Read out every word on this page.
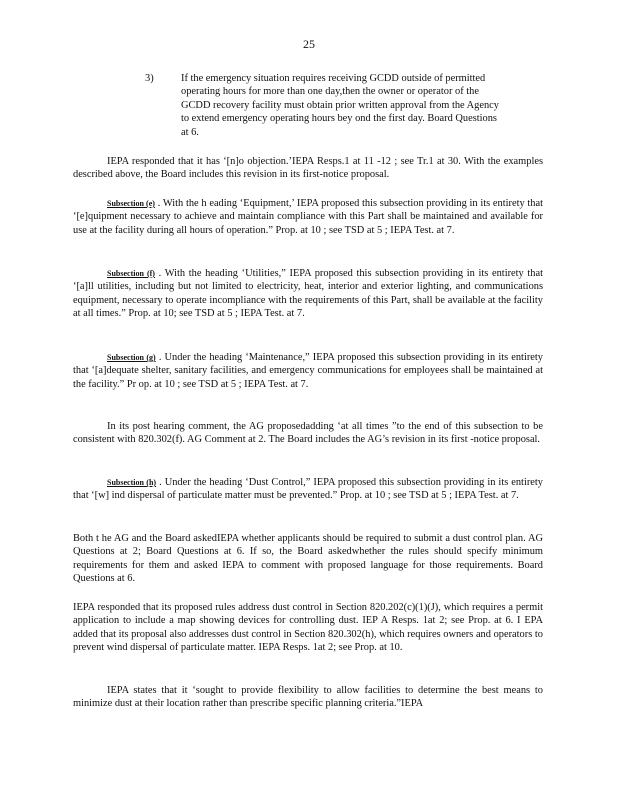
25
3)	If the emergency situation requires receiving GCDD outside of permitted operating hours for more than one day,then the owner or operator of the GCDD recovery facility must obtain prior written approval from the Agency to extend emergency operating hours bey ond the first day. Board Questions at 6.
IEPA responded that it has ‘[n]o objection.’IEPA Resps.1 at 11 -12 ; see Tr.1 at 30. With the examples described above, the Board includes this revision in its first-notice proposal.
Subsection (e) . With the h eading ‘Equipment,’ IEPA proposed this subsection providing in its entirety that ‘[e]quipment necessary to achieve and maintain compliance with this Part shall be maintained and available for use at the facility during all hours of operation.” Prop. at 10 ; see TSD at 5 ; IEPA Test. at 7.
Subsection (f) . With the heading ‘Utilities,” IEPA proposed this subsection providing in its entirety that ‘[a]ll utilities, including but not limited to electricity, heat, interior and exterior lighting, and communications equipment, necessary to operate incompliance with the requirements of this Part, shall be available at the facility at all times.” Prop. at 10; see TSD at 5 ; IEPA Test. at 7.
Subsection (g) . Under the heading ‘Maintenance,” IEPA proposed this subsection providing in its entirety that ‘[a]dequate shelter, sanitary facilities, and emergency communications for employees shall be maintained at the facility.” Pr op. at 10 ; see TSD at 5 ; IEPA Test. at 7.
In its post hearing comment, the AG proposedadding ‘at all times ”to the end of this subsection to be consistent with 820.302(f). AG Comment at 2. The Board includes the AG’s revision in its first -notice proposal.
Subsection (h) . Under the heading ‘Dust Control,” IEPA proposed this subsection providing in its entirety that ‘[w] ind dispersal of particulate matter must be prevented.” Prop. at 10 ; see TSD at 5 ; IEPA Test. at 7.
Both t he AG and the Board askedIEPA whether applicants should be required to submit a dust control plan. AG Questions at 2; Board Questions at 6. If so, the Board askedwhether the rules should specify minimum requirements for them and asked IEPA to comment with proposed language for those requirements. Board Questions at 6.
IEPA responded that its proposed rules address dust control in Section 820.202(c)(1)(J), which requires a permit application to include a map showing devices for controlling dust. IEP A Resps. 1at 2; see Prop. at 6. I EPA added that its proposal also addresses dust control in Section 820.302(h), which requires owners and operators to prevent wind dispersal of particulate matter. IEPA Resps. 1at 2; see Prop. at 10.
IEPA states that it ‘sought to provide flexibility to allow facilities to determine the best means to minimize dust at their location rather than prescribe specific planning criteria.”IEPA
